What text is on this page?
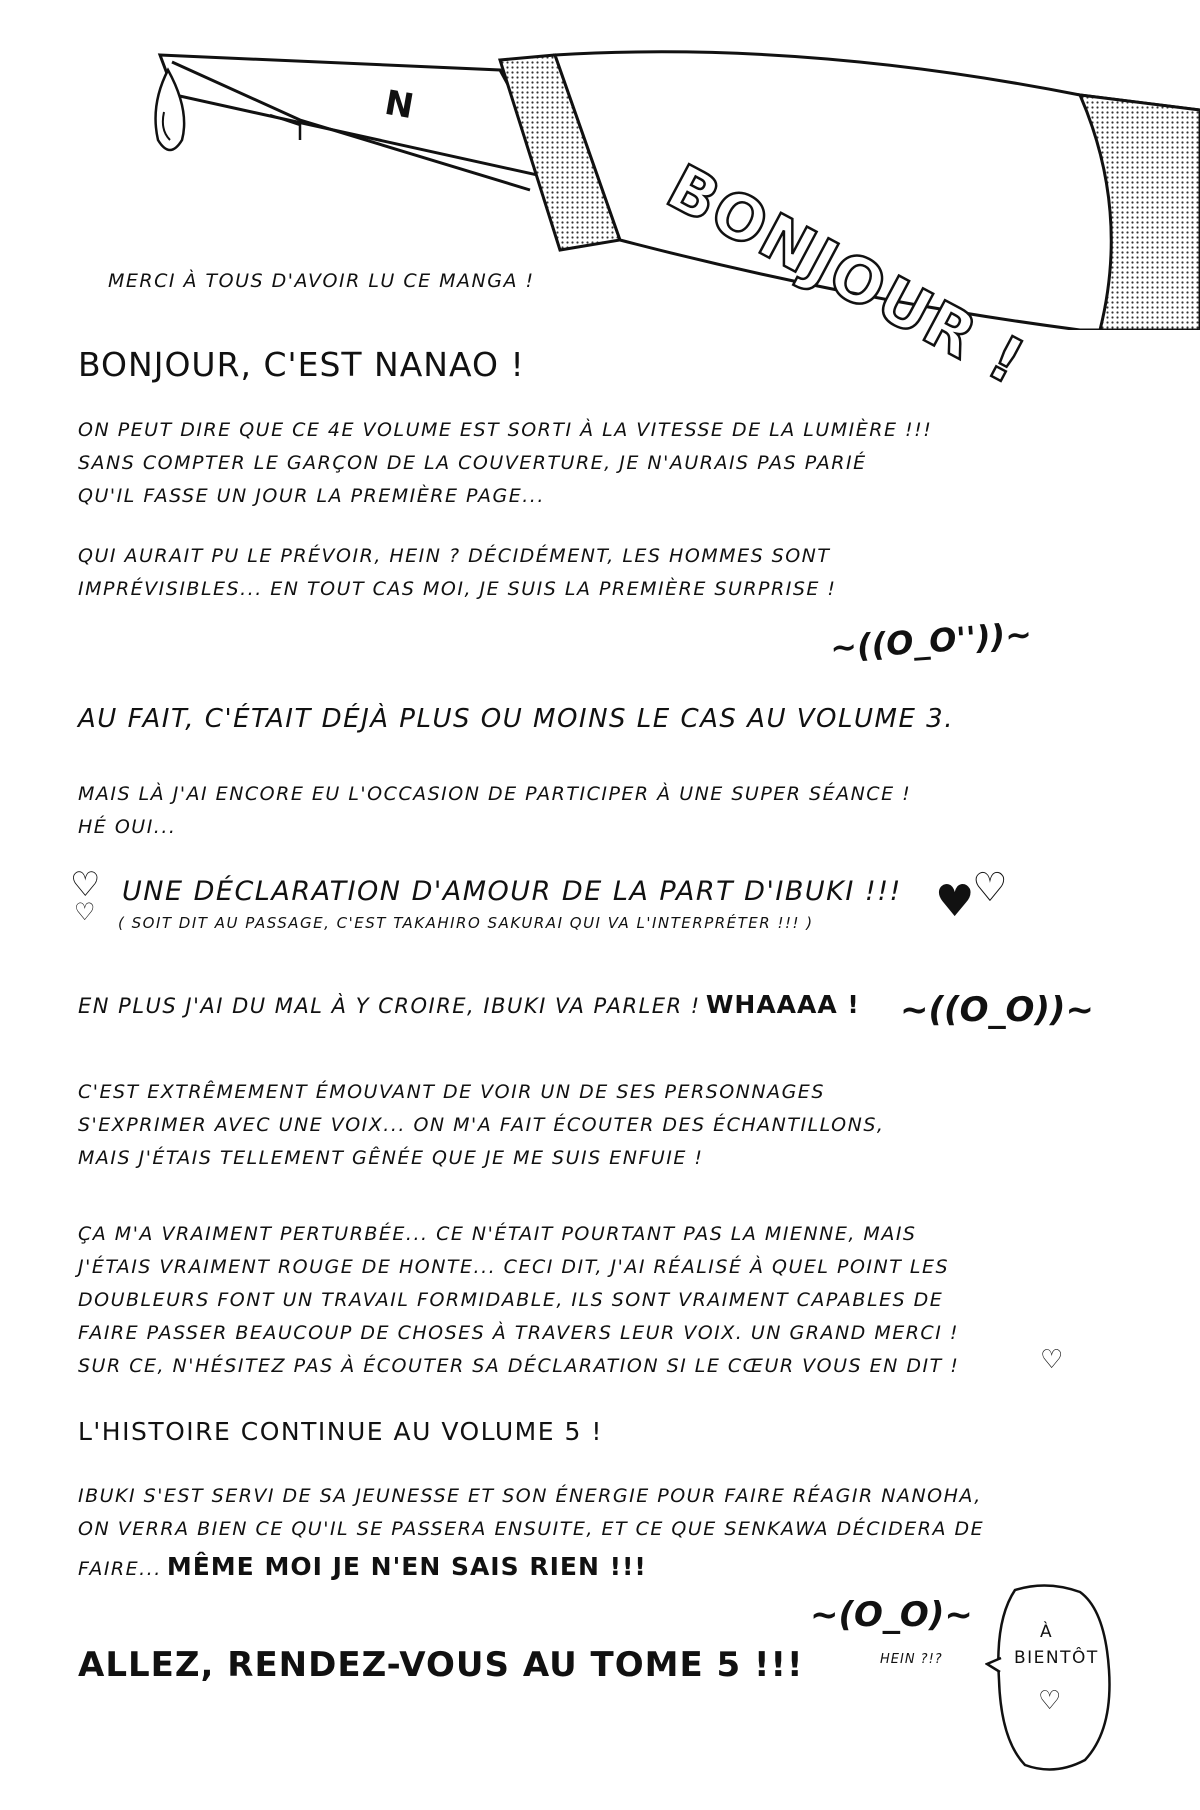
N
BONJOUR !
MERCI À TOUS D'AVOIR LU CE MANGA !
BONJOUR, C'EST NANAO !
ON PEUT DIRE QUE CE 4E VOLUME EST SORTI À LA VITESSE DE LA LUMIÈRE !!!
SANS COMPTER LE GARÇON DE LA COUVERTURE, JE N'AURAIS PAS PARIÉ
QU'IL FASSE UN JOUR LA PREMIÈRE PAGE...
QUI AURAIT PU LE PRÉVOIR, HEIN ? DÉCIDÉMENT, LES HOMMES SONT
IMPRÉVISIBLES... EN TOUT CAS MOI, JE SUIS LA PREMIÈRE SURPRISE !
~((O_O''))~
AU FAIT, C'ÉTAIT DÉJÀ PLUS OU MOINS LE CAS AU VOLUME 3.
MAIS LÀ J'AI ENCORE EU L'OCCASION DE PARTICIPER À UNE SUPER SÉANCE !
HÉ OUI...
♡
♡
UNE DÉCLARATION D'AMOUR DE LA PART D'IBUKI !!!
( SOIT DIT AU PASSAGE, C'EST TAKAHIRO SAKURAI QUI VA L'INTERPRÉTER !!! )	♥
♡
EN PLUS J'AI DU MAL À Y CROIRE, IBUKI VA PARLER ! WHAAAA ! ~((O_O))~
C'EST EXTRÊMEMENT ÉMOUVANT DE VOIR UN DE SES PERSONNAGES
S'EXPRIMER AVEC UNE VOIX... ON M'A FAIT ÉCOUTER DES ÉCHANTILLONS,
MAIS J'ÉTAIS TELLEMENT GÊNÉE QUE JE ME SUIS ENFUIE !
ÇA M'A VRAIMENT PERTURBÉE... CE N'ÉTAIT POURTANT PAS LA MIENNE, MAIS
J'ÉTAIS VRAIMENT ROUGE DE HONTE... CECI DIT, J'AI RÉALISÉ À QUEL POINT LES
DOUBLEURS FONT UN TRAVAIL FORMIDABLE, ILS SONT VRAIMENT CAPABLES DE
FAIRE PASSER BEAUCOUP DE CHOSES À TRAVERS LEUR VOIX. UN GRAND MERCI !
SUR CE, N'HÉSITEZ PAS À ÉCOUTER SA DÉCLARATION SI LE CŒUR VOUS EN DIT !	♡
L'HISTOIRE CONTINUE AU VOLUME 5 !
IBUKI S'EST SERVI DE SA JEUNESSE ET SON ÉNERGIE POUR FAIRE RÉAGIR NANOHA,
ON VERRA BIEN CE QU'IL SE PASSERA ENSUITE, ET CE QUE SENKAWA DÉCIDERA DE
FAIRE... MÊME MOI JE N'EN SAIS RIEN !!!
~(O_O)~
HEIN ?!?
ALLEZ, RENDEZ-VOUS AU TOME 5 !!!
À
BIENTÔT
♡
